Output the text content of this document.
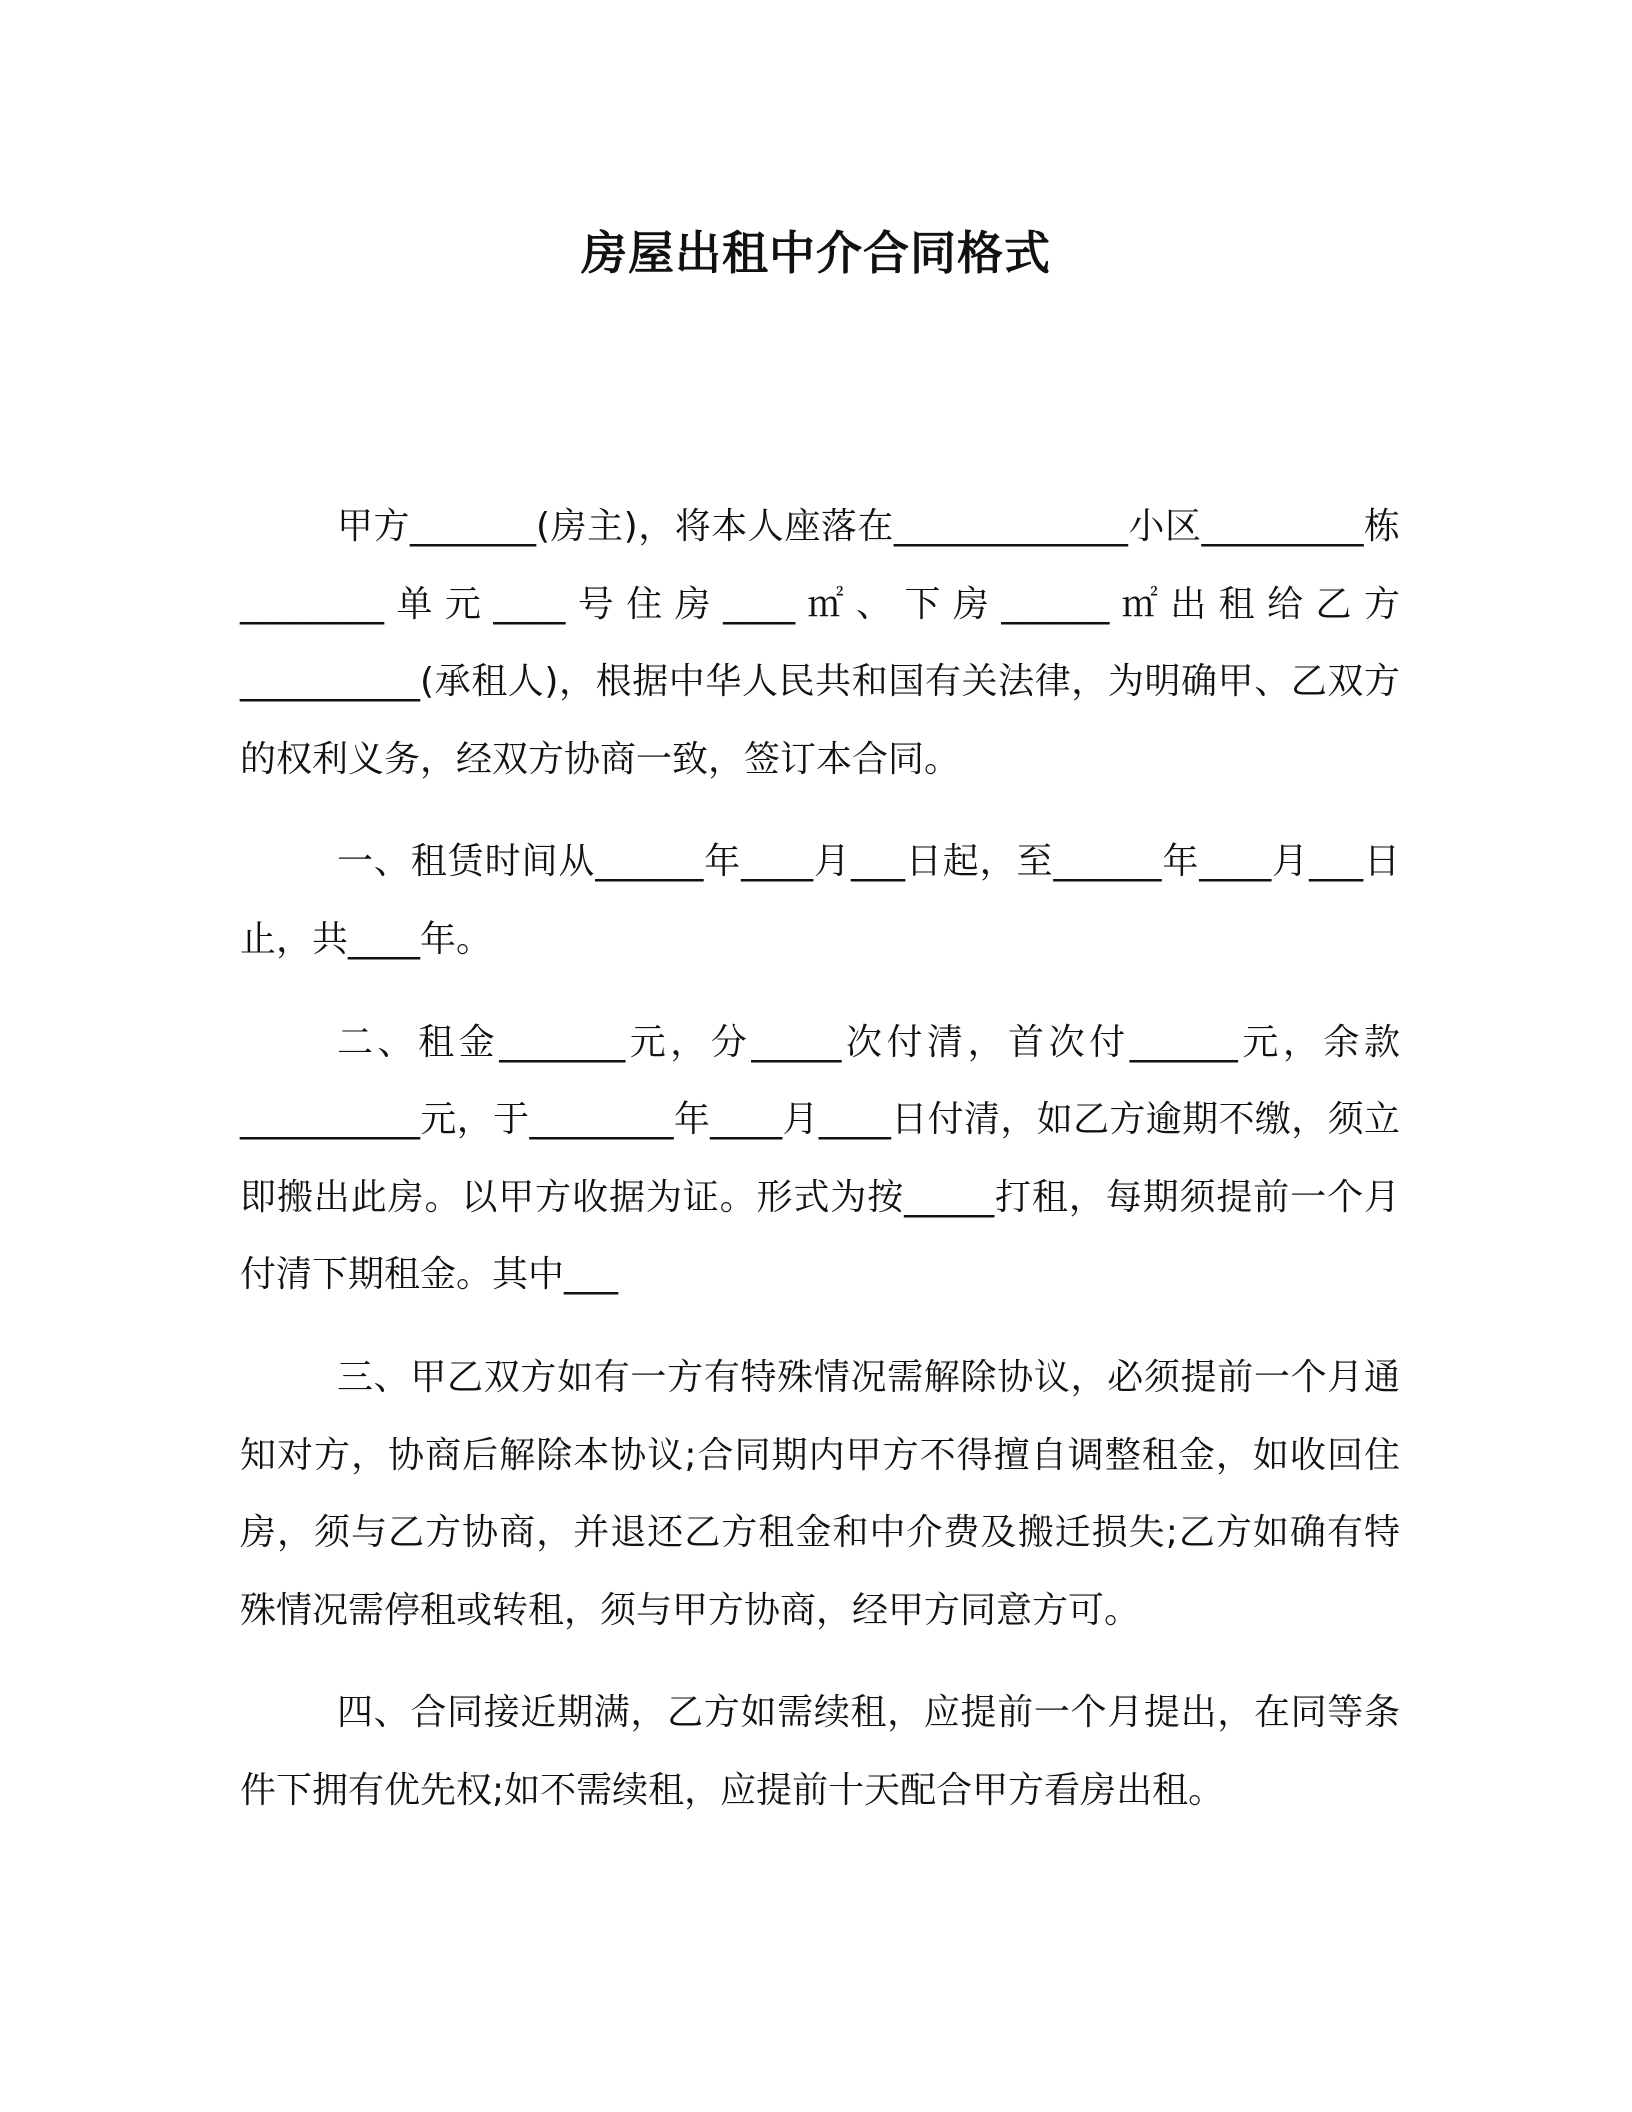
房屋出租中介合同格式

甲方_______(房主)，将本人座落在_____________小区_________栋________单元____号住房____㎡、下房______㎡出租给乙方__________(承租人)，根据中华人民共和国有关法律，为明确甲、乙双方的权利义务，经双方协商一致，签订本合同。

一、租赁时间从______年____月___日起，至______年____月___日止，共____年。

二、租金_______元，分_____次付清，首次付______元，余款__________元，于________年____月____日付清，如乙方逾期不缴，须立即搬出此房。以甲方收据为证。形式为按_____打租，每期须提前一个月付清下期租金。其中___

三、甲乙双方如有一方有特殊情况需解除协议，必须提前一个月通知对方，协商后解除本协议;合同期内甲方不得擅自调整租金，如收回住房，须与乙方协商，并退还乙方租金和中介费及搬迁损失;乙方如确有特殊情况需停租或转租，须与甲方协商，经甲方同意方可。

四、合同接近期满，乙方如需续租，应提前一个月提出，在同等条件下拥有优先权;如不需续租，应提前十天配合甲方看房出租。
